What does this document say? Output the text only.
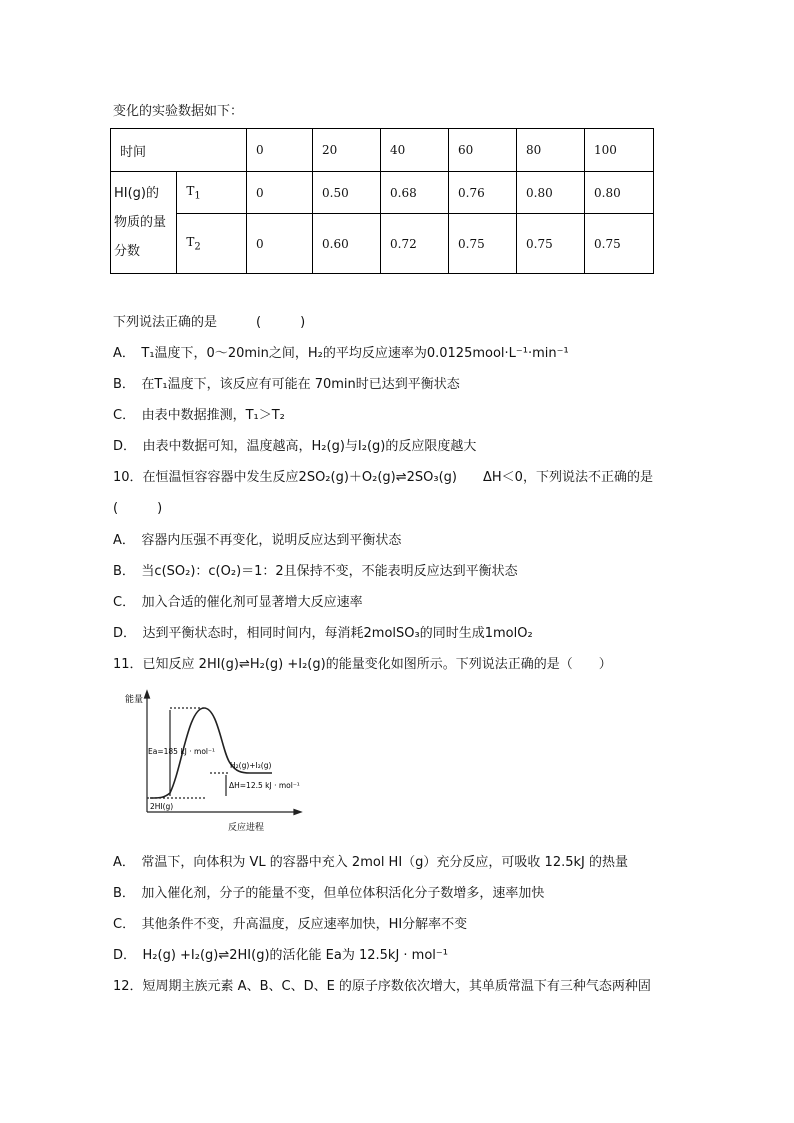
变化的实验数据如下：
时间		0	20	40	60	80	100
HI(g)的
物质的量
分数	$T_1$	0	0.50	0.68	0.76	0.80	0.80
	$T_2$	0	0.60	0.72	0.75	0.75	0.75
下列说法正确的是　　　(　　　)
A．　T₁温度下，0～20min之间，H₂的平均反应速率为0.0125mool·L⁻¹·min⁻¹
B．　在T₁温度下，该反应有可能在 70min时已达到平衡状态
C．　由表中数据推测，T₁＞T₂
D．　由表中数据可知，温度越高，H₂(g)与I₂(g)的反应限度越大
10．在恒温恒容容器中发生反应2SO₂(g)＋O₂(g)⇌2SO₃(g)　　ΔH＜0，下列说法不正确的是
(　　　)
A．　容器内压强不再变化，说明反应达到平衡状态
B．　当c(SO₂)：c(O₂)＝1：2且保持不变，不能表明反应达到平衡状态
C．　加入合适的催化剂可显著增大反应速率
D．　达到平衡状态时，相同时间内，每消耗2molSO₃的同时生成1molO₂
11．已知反应 2HI(g)⇌H₂(g) +I₂(g)的能量变化如图所示。下列说法正确的是（　　）
能量
反应进程
Ea=185 kJ · mol⁻¹
H₂(g)+I₂(g)
ΔH=12.5 kJ · mol⁻¹
2HI(g)
A．　常温下，向体积为 VL 的容器中充入 2mol HI（g）充分反应，可吸收 12.5kJ 的热量
B．　加入催化剂，分子的能量不变，但单位体积活化分子数增多，速率加快
C．　其他条件不变，升高温度，反应速率加快，HI分解率不变
D．　H₂(g) +I₂(g)⇌2HI(g)的活化能 Ea为 12.5kJ · mol⁻¹
12．短周期主族元素 A、B、C、D、E 的原子序数依次增大，其单质常温下有三种气态两种固
